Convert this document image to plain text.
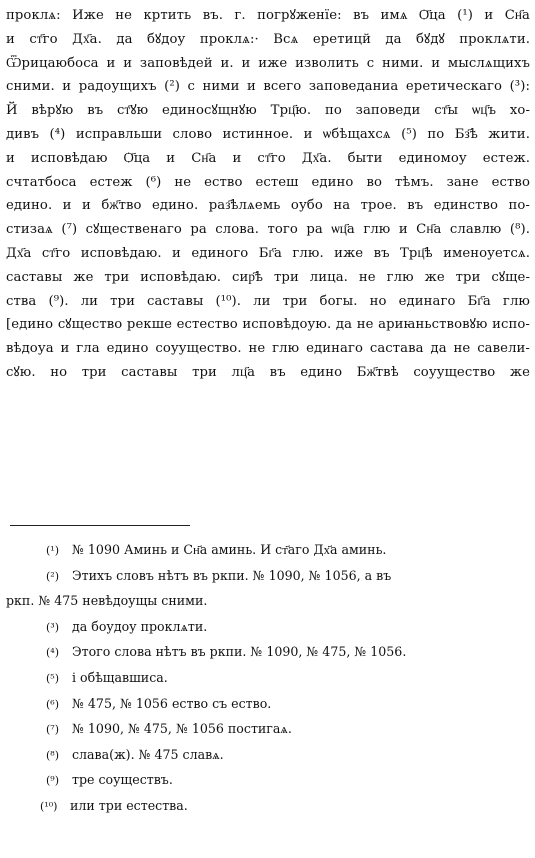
проклѧ: Иже не кртить въ. г. погрꙋженїе: въ имѧ Ѻ҃ца (¹) и Сн҃а
и ст҃го Дх҃а. да бꙋдоу проклѧ:· Всѧ еретицй да бꙋдꙋ проклѧти.
Ѿрицаюбоса и и заповѣдей и. и иже изволить с ними. и мыслѧщихъ
сними. и радоущихъ (²) с ними и всего заповеданиа еретическаго (³):
Й вѣрꙋю въ ст҃ꙋю единосꙋщнꙋю Трц҃ю. по заповеди ст҃ы ѡц҃ъ хо-
дивъ (⁴) исправльши слово истинное. и ѡбѣщахсѧ (⁵) по Бз҃ѣ жити.
и исповѣдаю Ѻ҃ца и Сн҃а и ст҃го Дх҃а. быти единомоу естеж.
счтатбоса естеж (⁶) не ество естеш едино во тѣмъ. зане ество
едино. и и бж҃тво едино. раз҃ѣлѧемь оубо на трое. въ единство по-
стизаѧ (⁷) сꙋщественаго ра слова. того ра ѡц҃а глю и Сн҃а славлю (⁸).
Дх҃а ст҃го исповѣдаю. и единого Бг҃а глю. иже въ Трц҃ѣ именоуетсѧ.
саставы же три исповѣдаю. сир҃ѣ три лица. не глю же три сꙋще-
ства (⁹). ли три саставы (¹⁰). ли три богы. но единаго Бг҃а глю
[едино сꙋщество рекше естество исповѣдоую. да не ариꙗньствовꙋю испо-
вѣдоуа и гла едино соуущество. не глю единаго састава да не савели-
сꙋю. но три саставы три лц҃а въ едино Бж҃твѣ соуущество же
(¹) № 1090 Аминь и Сн҃а аминь. И ст҃аго Дх҃а аминь.
(²) Этихъ словъ нѣтъ въ ркпи. № 1090, № 1056, а въ
ркп. № 475 невѣдоущы сними.
(³) да боудоу проклѧти.
(⁴) Этого слова нѣтъ въ ркпи. № 1090, № 475, № 1056.
(⁵) і обѣщавшиса.
(⁶) № 475, № 1056 ество съ ество.
(⁷) № 1090, № 475, № 1056 постигаѧ.
(⁸) слава(ж). № 475 славѧ.
(⁹) тре соуществъ.
(¹⁰) или три естества.
